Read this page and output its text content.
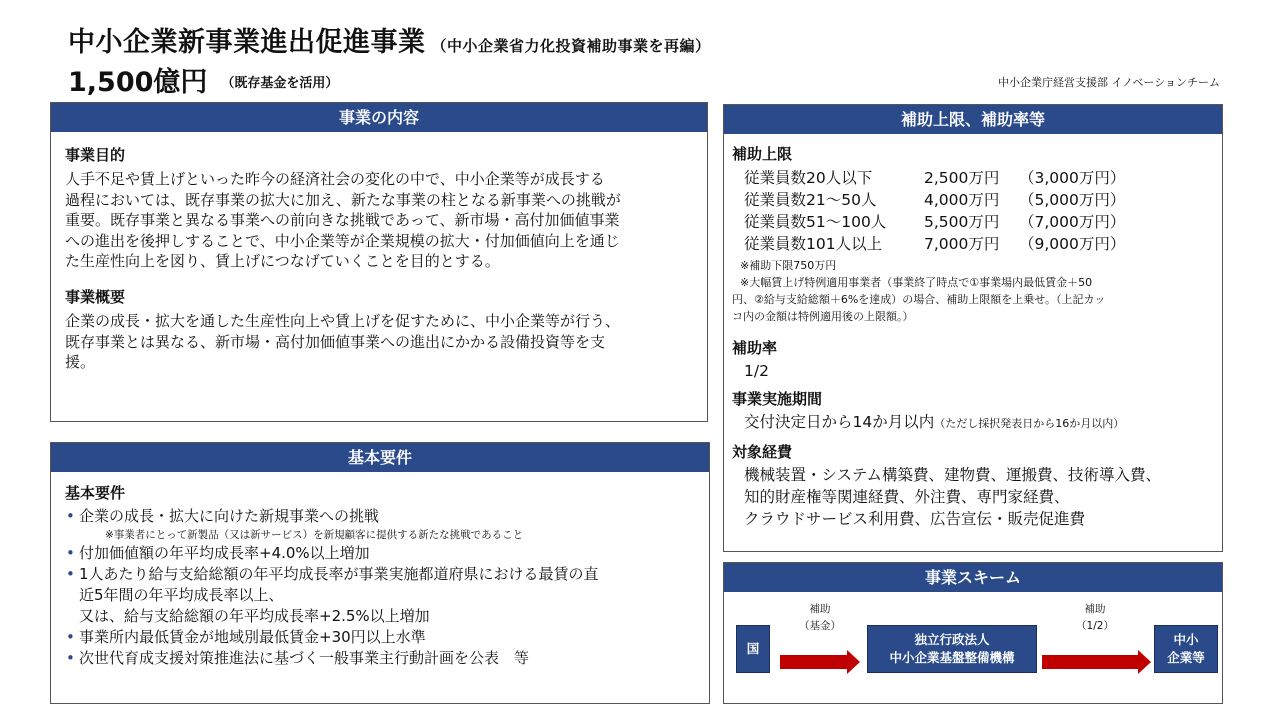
中小企業新事業進出促進事業 （中小企業省力化投資補助事業を再編）
1,500億円 （既存基金を活用）	中小企業庁経営支援部 イノベーションチーム
事業の内容
事業目的
人手不足や賃上げといった昨今の経済社会の変化の中で、中小企業等が成長する
過程においては、既存事業の拡大に加え、新たな事業の柱となる新事業への挑戦が
重要。既存事業と異なる事業への前向きな挑戦であって、新市場・高付加価値事業
への進出を後押しすることで、中小企業等が企業規模の拡大・付加価値向上を通じ
た生産性向上を図り、賃上げにつなげていくことを目的とする。
事業概要
企業の成長・拡大を通した生産性向上や賃上げを促すために、中小企業等が行う、
既存事業とは異なる、新市場・高付加価値事業への進出にかかる設備投資等を支
援。
基本要件
基本要件
• 企業の成長・拡大に向けた新規事業への挑戦
※事業者にとって新製品（又は新サービス）を新規顧客に提供する新たな挑戦であること
• 付加価値額の年平均成長率+4.0%以上増加
• 1人あたり給与支給総額の年平均成長率が事業実施都道府県における最賃の直
近5年間の年平均成長率以上、
又は、給与支給総額の年平均成長率+2.5%以上増加
• 事業所内最低賃金が地域別最低賃金+30円以上水準
• 次世代育成支援対策推進法に基づく一般事業主行動計画を公表　等
補助上限、補助率等
補助上限
従業員数20人以下	2,500万円	（3,000万円）
従業員数21～50人	4,000万円	（5,000万円）
従業員数51～100人	5,500万円	（7,000万円）
従業員数101人以上	7,000万円	（9,000万円）
※補助下限750万円
※大幅賃上げ特例適用事業者（事業終了時点で①事業場内最低賃金＋50
円、②給与支給総額＋6%を達成）の場合、補助上限額を上乗せ。（上記カッ
コ内の金額は特例適用後の上限額。）
補助率
1/2
事業実施期間
交付決定日から14か月以内（ただし採択発表日から16か月以内）
対象経費
機械装置・システム構築費、建物費、運搬費、技術導入費、
知的財産権等関連経費、外注費、専門家経費、
クラウドサービス利用費、広告宣伝・販売促進費
事業スキーム
国
補助
（基金）
独立行政法人
中小企業基盤整備機構
補助
（1/2）
中小
企業等
